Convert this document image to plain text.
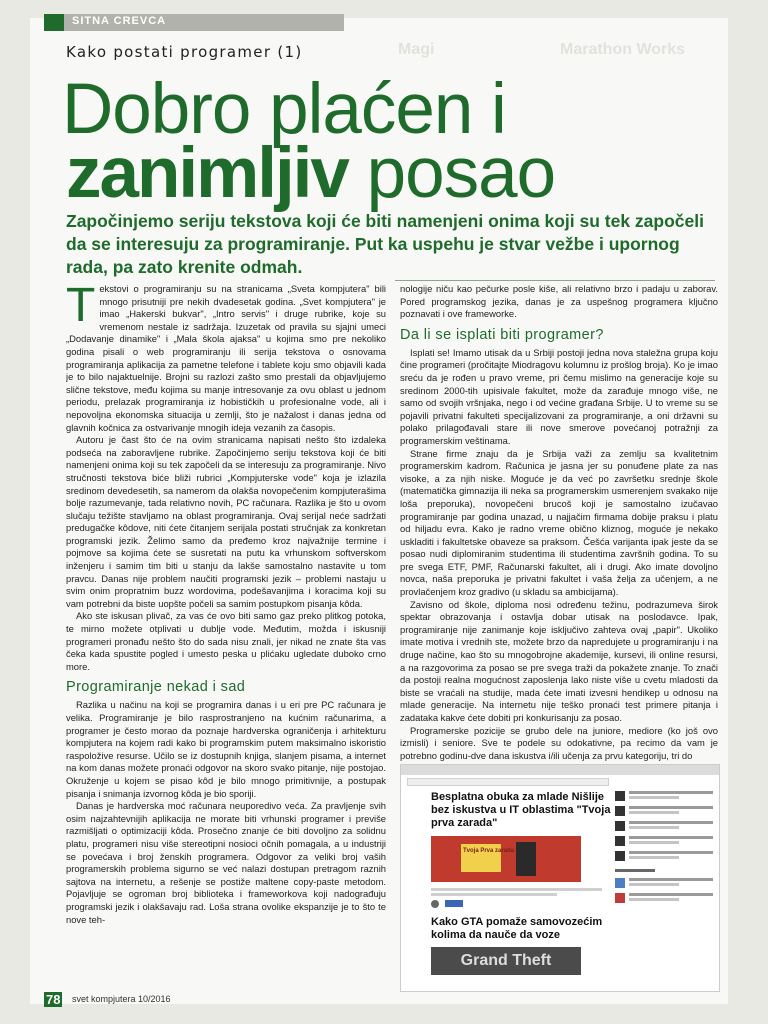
SITNA CREVCA
Kako postati programer (1)	Magi	Marathon Works
Dobro plaćen i
zanimljiv posao
Započinjemo seriju tekstova koji će biti namenjeni onima koji su tek započeli da se interesuju za programiranje. Put ka uspehu je stvar vežbe i upornog rada, pa zato krenite odmah.

Tekstovi o programiranju su na stranicama „Sveta kompjutera" bili mnogo prisutniji pre nekih dvadesetak godina. „Svet kompjutera" je imao „Hakerski bukvar", „Intro servis" i druge rubrike, koje su vremenom nestale iz sadržaja. Izuzetak od pravila su sjajni umeci „Dodavanje dinamike" i „Mala škola ajaksa" u kojima smo pre nekoliko godina pisali o web programiranju ili serija tekstova o osnovama programiranja aplikacija za pametne telefone i tablete koju smo objavili kada je to bilo najaktuelnije. Brojni su razlozi zašto smo prestali da objavljujemo slične tekstove, među kojima su manje intresovanje za ovu oblast u jednom periodu, prelazak programiranja iz hobističkih u profesionalne vode, ali i nepovoljna ekonomska situacija u zemlji, što je nažalost i danas jedna od glavnih kočnica za ostvarivanje mnogih ideja vezanih za časopis.

Autoru je čast što će na ovim stranicama napisati nešto što izdaleka podseća na zaboravljene rubrike. Započinjemo seriju tekstova koji će biti namenjeni onima koji su tek započeli da se interesuju za programiranje. Nivo stručnosti tekstova biće bliži rubrici „Kompjuterske vode" koja je izlazila sredinom devedesetih, sa namerom da olakša novopečenim kompjuterašima bolje razumevanje, tada relativno novih, PC računara. Razlika je što u ovom slučaju težište stavljamo na oblast programiranja. Ovaj serijal neće sadržati predugačke kôdove, niti ćete čitanjem serijala postati stručnjak za konkretan programski jezik. Želimo samo da pređemo kroz najvažnije termine i pojmove sa kojima ćete se susretati na putu ka vrhunskom softverskom inženjeru i samim tim biti u stanju da lakše samostalno nastavite u tom pravcu. Danas nije problem naučiti programski jezik – problemi nastaju u svim onim propratnim buzz wordovima, podešavanjima i koracima koji su vam potrebni da biste uopšte počeli sa samim postupkom pisanja kôda.

Ako ste iskusan plivač, za vas će ovo biti samo gaz preko plitkog potoka, te mirno možete otplivati u dublje vode. Međutim, možda i iskusniji programeri pronađu nešto što do sada nisu znali, jer nikad ne znate šta vas čeka kada spustite pogled i umesto peska u plićaku ugledate duboko crno more.

Programiranje nekad i sad

Razlika u načinu na koji se programira danas i u eri pre PC računara je velika. Programiranje je bilo rasprostranjeno na kućnim računarima, a programer je često morao da poznaje hardverska ograničenja i arhitekturu kompjutera na kojem radi kako bi programskim putem maksimalno iskoristio raspoložive resurse. Učilo se iz dostupnih knjiga, slanjem pisama, a internet na kom danas možete pronaći odgovor na skoro svako pitanje, nije postojao. Okruženje u kojem se pisao kôd je bilo mnogo primitivnije, a postupak pisanja i snimanja izvornog kôda je bio sporiji.

Danas je hardverska moć računara neuporedivo veća. Za pravljenje svih osim najzahtevnijih aplikacija ne morate biti vrhunski programer i previše razmišljati o optimizaciji kôda. Prosečno znanje će biti dovoljno za solidnu platu, programeri nisu više stereotipni nosioci očnih pomagala, a u industriji se povećava i broj ženskih programera. Odgovor za veliki broj vaših programerskih problema sigurno se već nalazi dostupan pretragom raznih sajtova na internetu, a rešenje se postiže maltene copy-paste metodom. Pojavljuje se ogroman broj biblioteka i frameworkova koji nadograđuju programski jezik i olakšavaju rad. Loša strana ovolike ekspanzije je to što te nove teh-

nologije niču kao pečurke posle kiše, ali relativno brzo i padaju u zaborav. Pored programskog jezika, danas je za uspešnog programera ključno poznavati i ove frameworke.

Da li se isplati biti programer?

Isplati se! Imamo utisak da u Srbiji postoji jedna nova staležna grupa koju čine programeri (pročitajte Miodragovu kolumnu iz prošlog broja). Ko je imao sreću da je rođen u pravo vreme, pri čemu mislimo na generacije koje su sredinom 2000-tih upisivale fakultet, može da zarađuje mnogo više, ne samo od svojih vršnjaka, nego i od većine građana Srbije. U to vreme su se pojavili privatni fakulteti specijalizovani za programiranje, a oni državni su polako prilagođavali stare ili nove smerove povećanoj potražnji za programerskim veštinama.

Strane firme znaju da je Srbija važi za zemlju sa kvalitetnim programerskim kadrom. Računica je jasna jer su ponuđene plate za nas visoke, a za njih niske. Moguće je da već po završetku srednje škole (matematička gimnazija ili neka sa programerskim usmerenjem svakako nije loša preporuka), novopečeni brucoš koji je samostalno izučavao programiranje par godina unazad, u najjačim firmama dobije praksu i platu od hiljadu evra. Kako je radno vreme obično kliznog, moguće je nekako uskladiti i fakultetske obaveze sa praksom. Češća varijanta ipak jeste da se posao nudi diplomiranim studentima ili studentima završnih godina. To su pre svega ETF, PMF, Računarski fakultet, ali i drugi. Ako imate dovoljno novca, naša preporuka je privatni fakultet i vaša želja za učenjem, a ne provlačenjem kroz gradivo (u skladu sa ambicijama).

Zavisno od škole, diploma nosi određenu težinu, podrazumeva širok spektar obrazovanja i ostavlja dobar utisak na poslodavce. Ipak, programiranje nije zanimanje koje isključivo zahteva ovaj „papir". Ukoliko imate motiva i vrednih ste, možete brzo da napredujete u programiranju i na druge načine, kao što su mnogobrojne akademije, kursevi, ili online resursi, a na razgovorima za posao se pre svega traži da pokažete znanje. To znači da postoji realna mogućnost zaposlenja lako niste više u cvetu mladosti da biste se vraćali na studije, mada ćete imati izvesni hendikep u odnosu na mlade generacije. Na internetu nije teško pronaći test primere pitanja i zadataka kakve ćete dobiti pri konkurisanju za posao.

Programerske pozicije se grubo dele na juniore, mediore (ko još ovo izmisli) i seniore. Sve te podele su odokativne, pa recimo da vam je potrebno godinu-dve dana iskustva i/ili učenja za prvu kategoriju, tri do

Besplatna obuka za mlade Nišlije bez iskustva u IT oblastima "Tvoja prva zarada"

Tvoja Prva zarada

Kako GTA pomaže samovozećim kolima da nauče da voze

Grand Theft
78 svet kompjutera 10/2016
